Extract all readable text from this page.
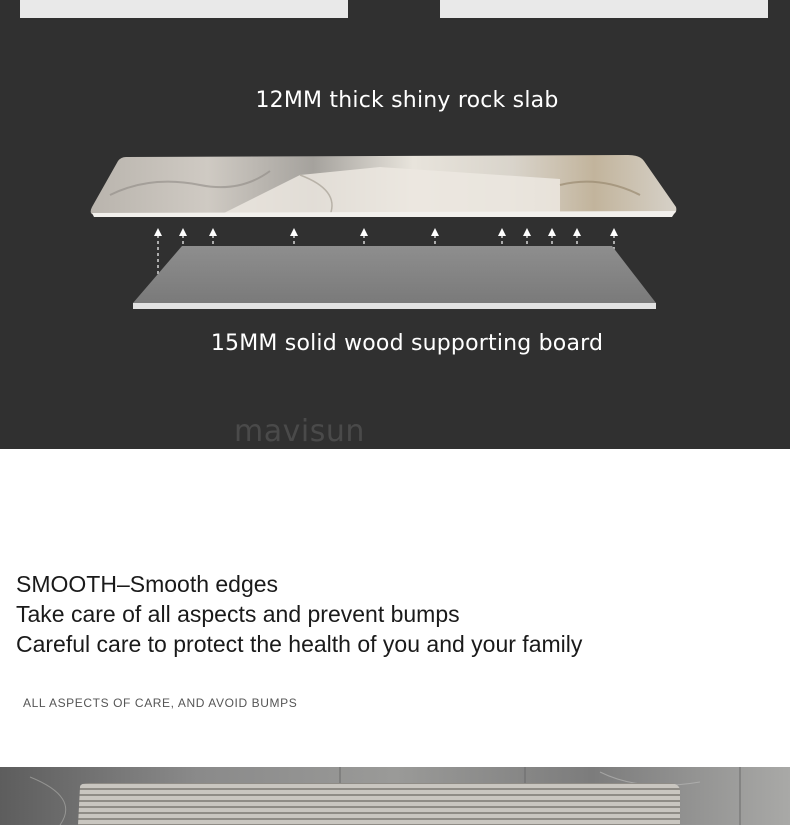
12MM thick shiny rock slab
15MM solid wood supporting board
mavisun
SMOOTH–Smooth edges
Take care of all aspects and prevent bumps
Careful care to protect the health of you and your family
ALL ASPECTS OF CARE, AND AVOID BUMPS
